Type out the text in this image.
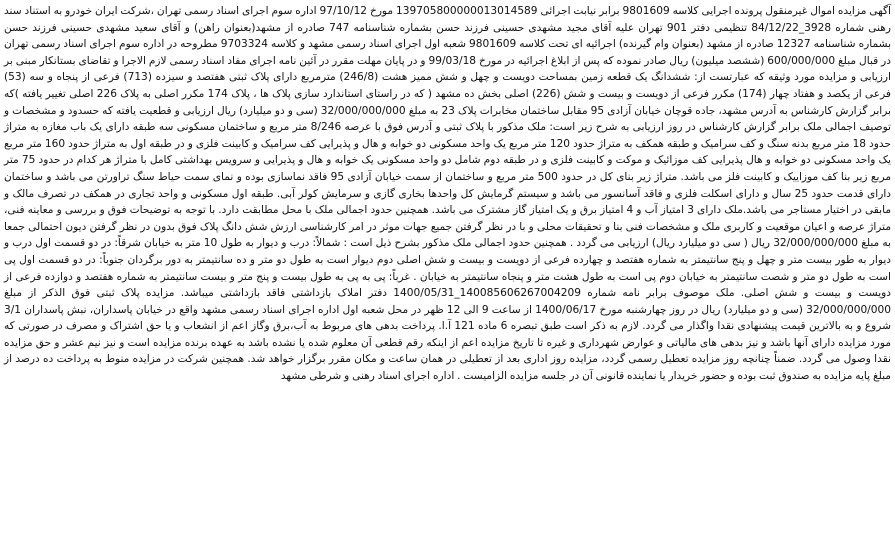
آگهی مزایده اموال غیرمنقول پرونده اجرایی کلاسه 9801609 برابر نیابت اجرائی 139705800000013014589 مورخ 97/10/12 اداره سوم اجرای اسناد رسمی تهران ،شرکت ایران خودرو به استناد سند رهنی شماره 3928_84/12/22 تنظیمی دفتر 901 تهران علیه آقای مجید مشهدی حسینی فرزند حسن بشماره شناسنامه 747 صادره از مشهد(بعنوان راهن) و آقای سعید مشهدی حسینی فرزند حسن بشماره شناسنامه 12327 صادره از مشهد (بعنوان وام گیرنده) اجرائیه ای تحت کلاسه 9801609 شعبه اول اجرای اسناد رسمی مشهد و کلاسه 9703324 مطروحه در اداره سوم اجرای اسناد رسمی تهران در قبال مبلغ 600/000/000 (ششصد میلیون) ریال صادر نموده که پس از ابلاغ اجرائیه در مورخ 99/03/18 و در پایان مهلت مقرر در آئین نامه اجرای مفاد اسناد رسمی لازم الاجرا و تقاضای بستانکار مبنی بر ارزیابی و مزایده مورد وثیقه که عبارتست از: ششدانگ یک قطعه زمین بمساحت دویست و چهل و شش ممیز هشت (246/8) مترمربع دارای پلاک ثبتی هفتصد و سیزده (713) فرعی از پنجاه و سه (53) فرعی از یکصد و هفتاد چهار (174) مکرر فرعی از دویست و بیست و شش (226) اصلی بخش ده مشهد ( که در راستای استاندارد سازی پلاک ها ، پلاک 174 مکرر اصلی به پلاک 226 اصلی تغییر یافته )که برابر گزارش کارشناس به آدرس مشهد، جاده قوچان خیابان آزادی 95 مقابل ساختمان مخابرات پلاک 23 به مبلغ 32/000/000/000 (سی و دو میلیارد) ریال ارزیابی و قطعیت یافته که حسدود و مشخصات و توصیف اجمالی ملک برابر گزارش کارشناس در روز ارزیابی به شرح زیر است: ملک مذکور با پلاک ثبتی و آدرس فوق با عرصه 8/246 متر مربع و ساختمان مسکونی سه طبقه دارای یک باب مغازه به متراژ حدود 18 متر مربع بدنه سنگ و کف سرامیک و طبقه همکف به متراژ حدود 120 متر مربع یک واحد مسکونی دو خوابه و هال و پذیرایی کف سرامیک و کابینت فلزی و در طبقه اول به متراژ حدود 160 متر مربع یک واحد مسکونی دو خوابه و هال پذیرایی کف موزائیک و موکت و کابینت فلزی و در طبقه دوم شامل دو واحد مسکونی یک خوابه و هال و پذیرایی و سرویس بهداشتی کامل با متراژ هر کدام در حدود 75 متر مربع زیر بنا کف موزاییک و کابینت فلز می باشد. متراژ زیر بنای کل در حدود 500 متر مربع و ساختمان از سمت خیابان آزادی 95 فاقد نماسازی بوده و نمای سمت حیاط سنگ تراورتن می باشد و ساختمان دارای قدمت حدود 25 سال و دارای اسکلت فلزی و فاقد آسانسور می باشد و سیستم گرمایش کل واحدها بخاری گازی و سرمایش کولر آبی. طبقه اول مسکونی و واحد تجاری در همکف در تصرف مالک و مابقی در اختیار مستاجر می باشد.ملک دارای 3 امتیاز آب و 4 امتیاز برق و یک امتیاز گاز مشترک می باشد. همچنین حدود اجمالی ملک با محل مطابقت دارد. با توجه به توضیحات فوق و بررسی و معاینه فنی، متراژ عرصه و اعیان موقعیت و کاربری ملک و مشخصات فنی بنا و تحقیقات محلی و با در نظر گرفتن جمیع جهات موثر در امر کارشناسی ارزش شش دانگ پلاک فوق بدون در نظر گرفتن دیون احتمالی جمعا به مبلغ 32/000/000/000 ریال ( سی دو میلیارد ریال) ارزیابی می گردد . همچنین حدود اجمالی ملک مذکور بشرح ذیل است : شمالاً: درب و دیوار به طول 10 متر به خیابان شرقاً: در دو قسمت اول درب و دیوار به طور بیست متر و چهل و پنج سانتیمتر به شماره هفتصد و چهارده فرعی از دویست و بیست و شش اصلی دوم دیوار است به طول دو متر و ده سانتیمتر به دور برگردان جنوباً: در دو قسمت اول پی است به طول دو متر و شصت سانتیمتر به خیابان دوم پی است به طول هشت متر و پنجاه سانتیمتر به خیابان . غرباً: پی به پی به طول بیست و پنج متر و بیست سانتیمتر به شماره هفتصد و دوازده فرعی از دویست و بیست و شش اصلی. ملک موصوف برابر نامه شماره 140085606267004209_1400/05/31 دفتر املاک بازداشتی فاقد بازداشتی میباشد. مزایده پلاک ثبتی فوق الذکر از مبلغ 32/000/000/000 (سی و دو میلیارد) ریال در روز چهارشنبه مورخ 1400/06/17 از ساعت 9 الی 12 ظهر در محل شعبه اول اداره اجرای اسناد رسمی مشهد واقع در خیابان پاسداران، نبش پاسداران 3/1 شروع و به بالاترین قیمت پیشنهادی نقدا واگذار می گردد. لازم به ذکر است طبق تبصره 6 ماده 121 آ.ا. پرداخت بدهی های مربوط به آب،برق وگاز اعم از انشعاب و یا حق اشتراک و مصرف در صورتی که مورد مزایده دارای آنها باشد و نیز بدهی های مالیاتی و عوارض شهرداری و غیره تا تاریخ مزایده اعم از اینکه رقم قطعی آن معلوم شده یا نشده باشد به عهده برنده مزایده است و نیز نیم عشر و حق مزایده نقدا وصول می گردد. ضمناً چنانچه روز مزایده تعطیل رسمی گردد، مزایده روز اداری بعد از تعطیلی در همان ساعت و مکان مقرر برگزار خواهد شد. همچنین شرکت در مزایده منوط به پرداخت ده درصد از مبلغ پایه مزایده به صندوق ثبت بوده و حضور خریدار یا نماینده قانونی آن در جلسه مزایده الزامیست . اداره اجرای اسناد رهنی و شرطی مشهد
